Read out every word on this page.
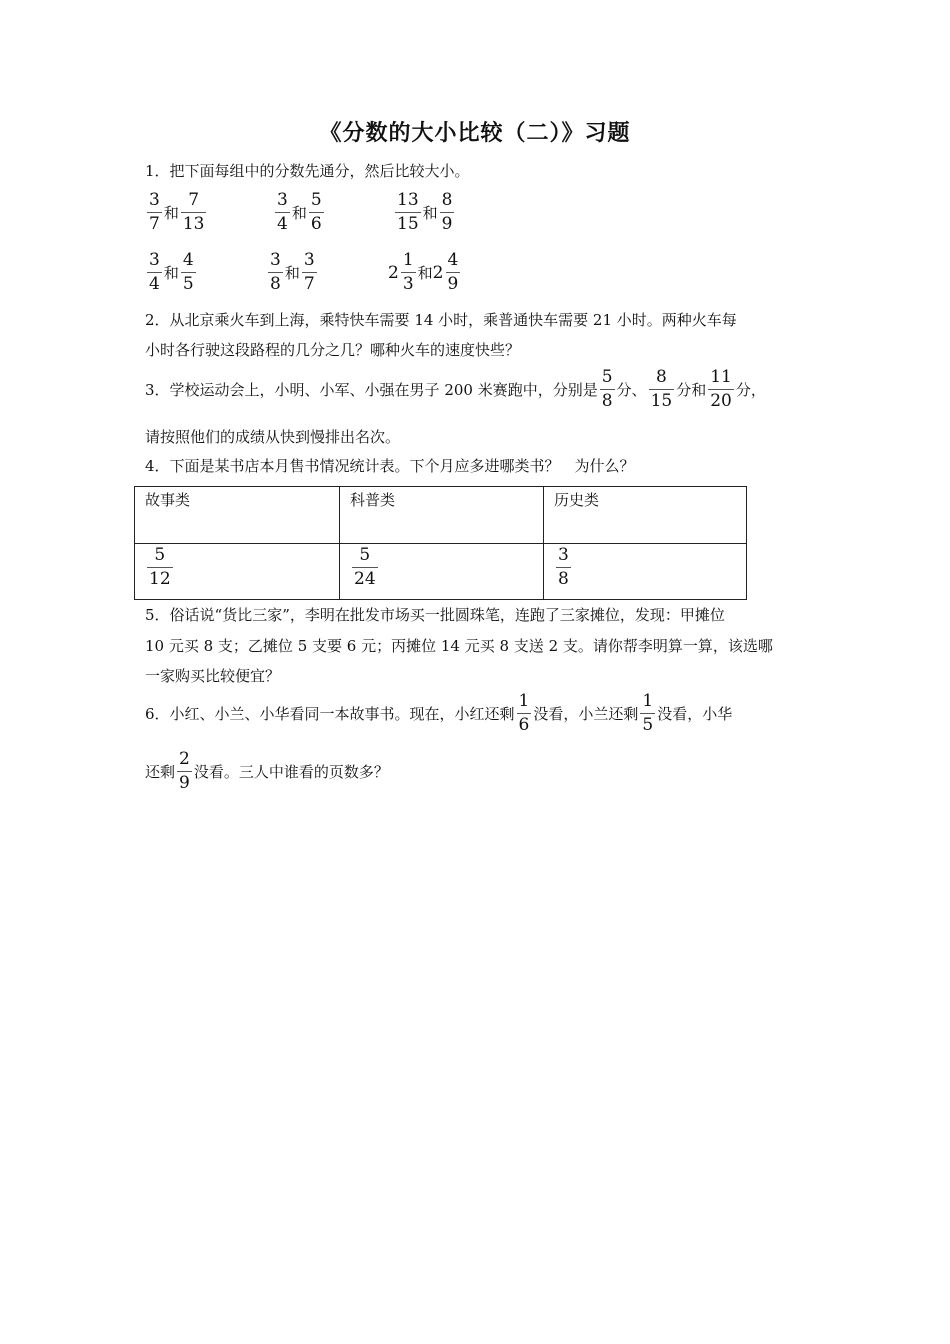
《分数的大小比较（二）》习题
1．把下面每组中的分数先通分，然后比较大小。
$\frac{3}{7}$ 和 $\frac{7}{13}$	$\frac{3}{4}$ 和 $\frac{5}{6}$	$\frac{13}{15}$ 和 $\frac{8}{9}$
$\frac{3}{4}$ 和 $\frac{4}{5}$	$\frac{3}{8}$ 和 $\frac{3}{7}$	$2 \frac{1}{3}$ 和 $2 \frac{4}{9}$
2．从北京乘火车到上海，乘特快车需要 14 小时，乘普通快车需要 21 小时。两种火车每
小时各行驶这段路程的几分之几？哪种火车的速度快些？
3．学校运动会上，小明、小军、小强在男子 200 米赛跑中，分别是 $\frac{5}{8}$ 分、 $\frac{8}{15}$ 分和 $\frac{11}{20}$ 分，
请按照他们的成绩从快到慢排出名次。
4．下面是某书店本月售书情况统计表。下个月应多进哪类书？　为什么？
故事类	科普类	历史类
$\frac{5}{12}$	$\frac{5}{24}$	$\frac{3}{8}$
5．俗话说“货比三家”，李明在批发市场买一批圆珠笔，连跑了三家摊位，发现：甲摊位
10 元买 8 支；乙摊位 5 支要 6 元；丙摊位 14 元买 8 支送 2 支。请你帮李明算一算，该选哪
一家购买比较便宜？
6．小红、小兰、小华看同一本故事书。现在，小红还剩 $\frac{1}{6}$ 没看，小兰还剩 $\frac{1}{5}$ 没看，小华
还剩 $\frac{2}{9}$ 没看。三人中谁看的页数多？
